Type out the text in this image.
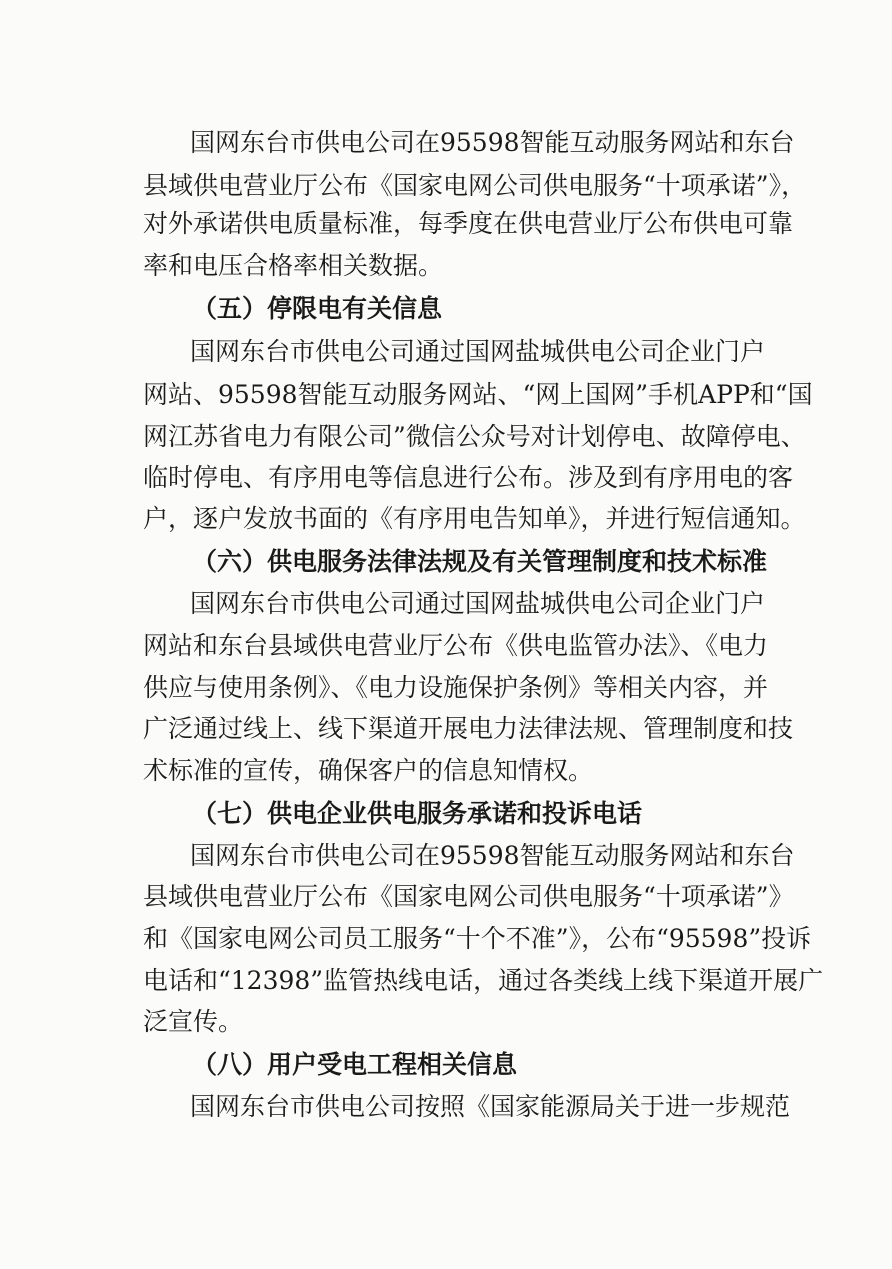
国网东台市供电公司在95598智能互动服务网站和东台

县域供电营业厅公布《国家电网公司供电服务“十项承诺”》，

对外承诺供电质量标准，每季度在供电营业厅公布供电可靠

率和电压合格率相关数据。

（五）停限电有关信息

国网东台市供电公司通过国网盐城供电公司企业门户

网站、95598智能互动服务网站、“网上国网”手机APP和“国

网江苏省电力有限公司”微信公众号对计划停电、故障停电、

临时停电、有序用电等信息进行公布。涉及到有序用电的客

户，逐户发放书面的《有序用电告知单》，并进行短信通知。

（六）供电服务法律法规及有关管理制度和技术标准

国网东台市供电公司通过国网盐城供电公司企业门户

网站和东台县域供电营业厅公布《供电监管办法》、《电力

供应与使用条例》、《电力设施保护条例》等相关内容，并

广泛通过线上、线下渠道开展电力法律法规、管理制度和技

术标准的宣传，确保客户的信息知情权。

（七）供电企业供电服务承诺和投诉电话

国网东台市供电公司在95598智能互动服务网站和东台

县域供电营业厅公布《国家电网公司供电服务“十项承诺”》

和《国家电网公司员工服务“十个不准”》，公布“95598”投诉

电话和“12398”监管热线电话，通过各类线上线下渠道开展广

泛宣传。

（八）用户受电工程相关信息

国网东台市供电公司按照《国家能源局关于进一步规范
